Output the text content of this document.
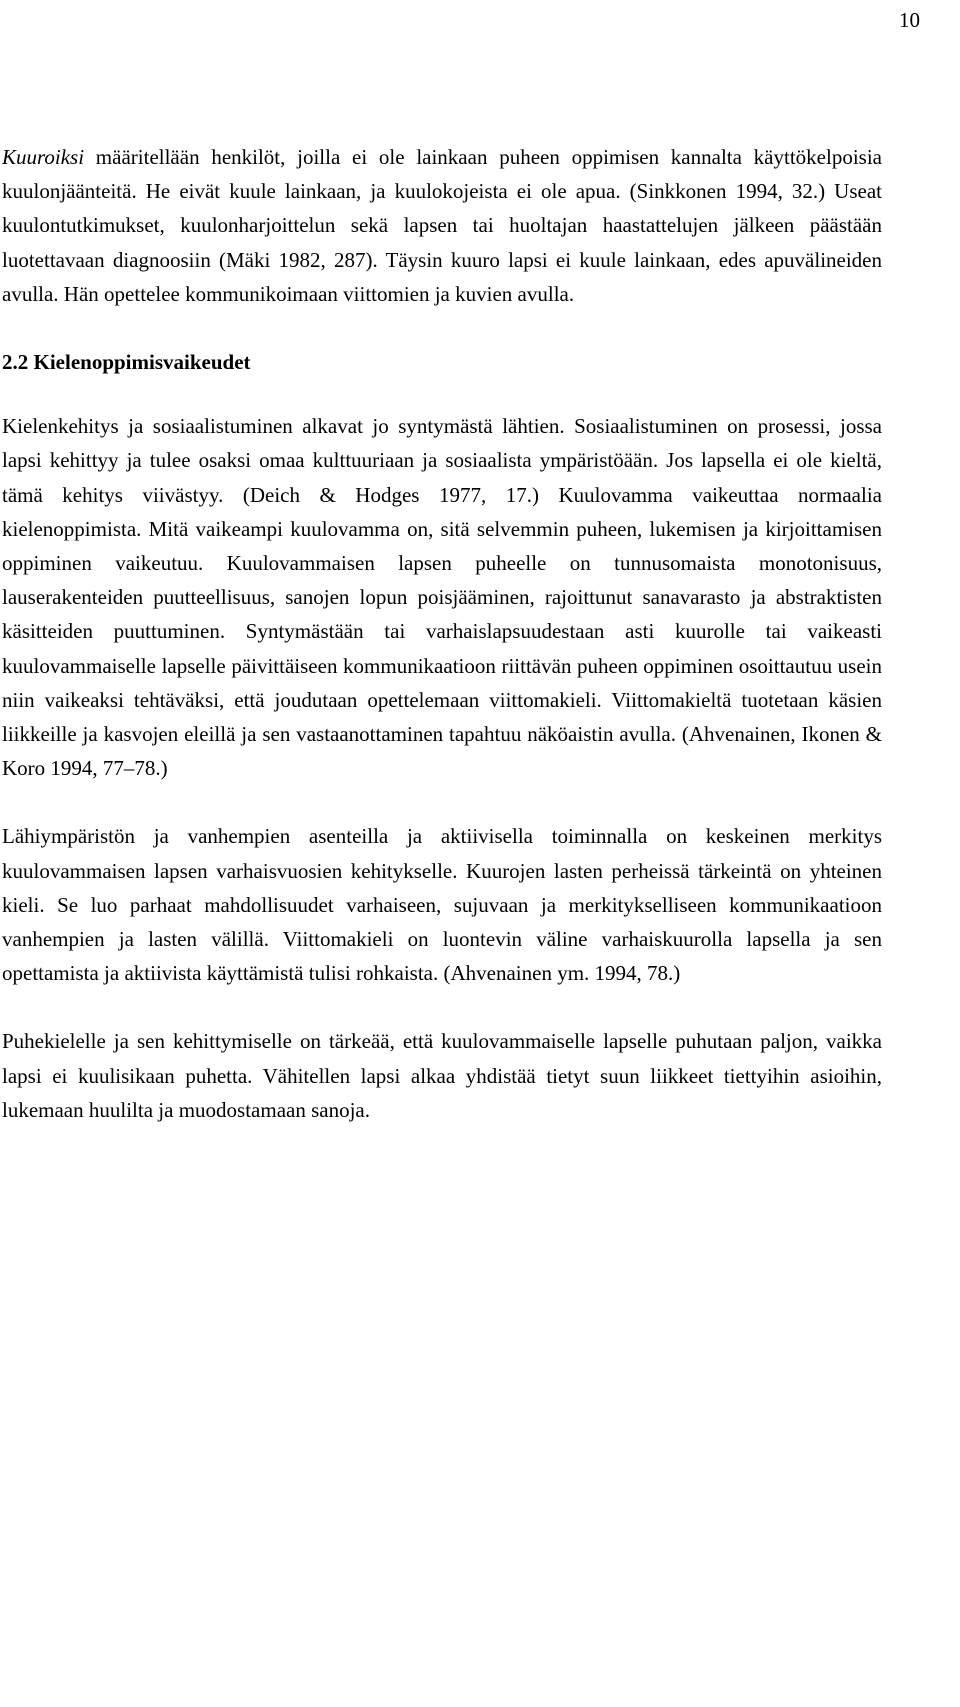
10

Kuuroiksi määritellään henkilöt, joilla ei ole lainkaan puheen oppimisen kannalta käyttökelpoisia kuulonjäänteitä. He eivät kuule lainkaan, ja kuulokojeista ei ole apua. (Sinkkonen 1994, 32.) Useat kuulontutkimukset, kuulonharjoittelun sekä lapsen tai huoltajan haastattelujen jälkeen päästään luotettavaan diagnoosiin (Mäki 1982, 287). Täysin kuuro lapsi ei kuule lainkaan, edes apuvälineiden avulla. Hän opettelee kommunikoimaan viittomien ja kuvien avulla.

2.2 Kielenoppimisvaikeudet

Kielenkehitys ja sosiaalistuminen alkavat jo syntymästä lähtien. Sosiaalistuminen on prosessi, jossa lapsi kehittyy ja tulee osaksi omaa kulttuuriaan ja sosiaalista ympäristöään. Jos lapsella ei ole kieltä, tämä kehitys viivästyy. (Deich & Hodges 1977, 17.) Kuulovamma vaikeuttaa normaalia kielenoppimista. Mitä vaikeampi kuulovamma on, sitä selvemmin puheen, lukemisen ja kirjoittamisen oppiminen vaikeutuu. Kuulovammaisen lapsen puheelle on tunnusomaista monotonisuus, lauserakenteiden puutteellisuus, sanojen lopun poisjääminen, rajoittunut sanavarasto ja abstraktisten käsitteiden puuttuminen. Syntymästään tai varhaislapsuudestaan asti kuurolle tai vaikeasti kuulovammaiselle lapselle päivittäiseen kommunikaatioon riittävän puheen oppiminen osoittautuu usein niin vaikeaksi tehtäväksi, että joudutaan opettelemaan viittomakieli. Viittomakieltä tuotetaan käsien liikkeille ja kasvojen eleillä ja sen vastaanottaminen tapahtuu näköaistin avulla. (Ahvenainen, Ikonen & Koro 1994, 77–78.)

Lähiympäristön ja vanhempien asenteilla ja aktiivisella toiminnalla on keskeinen merkitys kuulovammaisen lapsen varhaisvuosien kehitykselle. Kuurojen lasten perheissä tärkeintä on yhteinen kieli. Se luo parhaat mahdollisuudet varhaiseen, sujuvaan ja merkitykselliseen kommunikaatioon vanhempien ja lasten välillä. Viittomakieli on luontevin väline varhaiskuurolla lapsella ja sen opettamista ja aktiivista käyttämistä tulisi rohkaista. (Ahvenainen ym. 1994, 78.)

Puhekielelle ja sen kehittymiselle on tärkeää, että kuulovammaiselle lapselle puhutaan paljon, vaikka lapsi ei kuulisikaan puhetta. Vähitellen lapsi alkaa yhdistää tietyt suun liikkeet tiettyihin asioihin, lukemaan huulilta ja muodostamaan sanoja.
